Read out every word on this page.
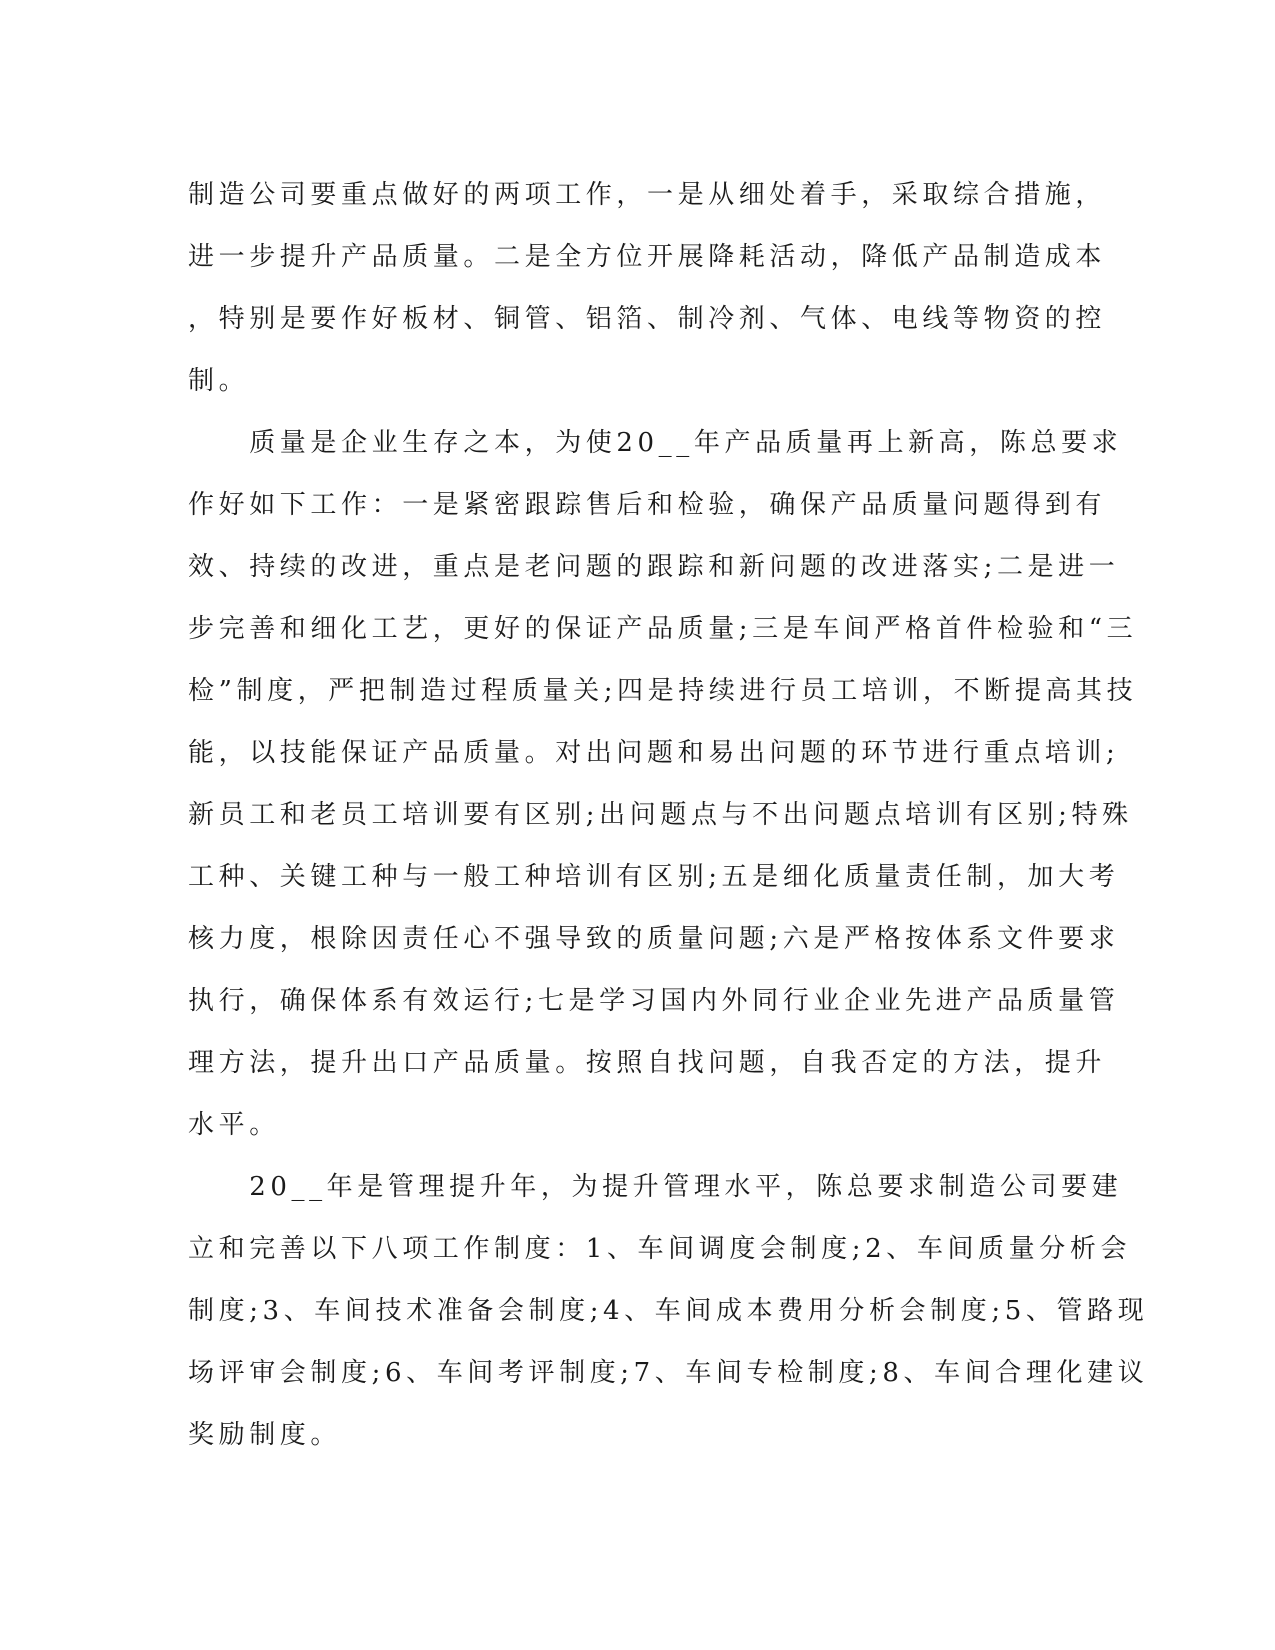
制造公司要重点做好的两项工作，一是从细处着手，采取综合措施，
进一步提升产品质量。二是全方位开展降耗活动，降低产品制造成本
，特别是要作好板材、铜管、铝箔、制冷剂、气体、电线等物资的控
制。
　　质量是企业生存之本，为使20__年产品质量再上新高，陈总要求
作好如下工作：一是紧密跟踪售后和检验，确保产品质量问题得到有
效、持续的改进，重点是老问题的跟踪和新问题的改进落实;二是进一
步完善和细化工艺，更好的保证产品质量;三是车间严格首件检验和“三
检”制度，严把制造过程质量关;四是持续进行员工培训，不断提高其技
能，以技能保证产品质量。对出问题和易出问题的环节进行重点培训;
新员工和老员工培训要有区别;出问题点与不出问题点培训有区别;特殊
工种、关键工种与一般工种培训有区别;五是细化质量责任制，加大考
核力度，根除因责任心不强导致的质量问题;六是严格按体系文件要求
执行，确保体系有效运行;七是学习国内外同行业企业先进产品质量管
理方法，提升出口产品质量。按照自找问题，自我否定的方法，提升
水平。
　　20__年是管理提升年，为提升管理水平，陈总要求制造公司要建
立和完善以下八项工作制度：1、车间调度会制度;2、车间质量分析会
制度;3、车间技术准备会制度;4、车间成本费用分析会制度;5、管路现
场评审会制度;6、车间考评制度;7、车间专检制度;8、车间合理化建议
奖励制度。
